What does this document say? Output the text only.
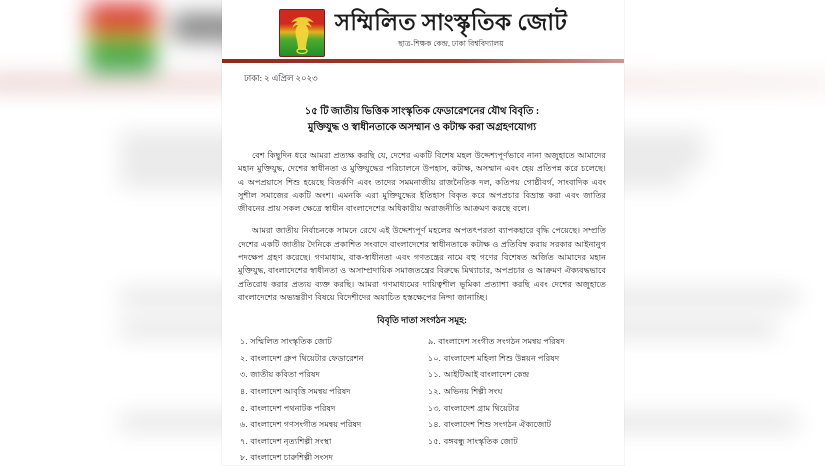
সম্মিলিত সাংস্কৃতিক জোট
ছাত্র-শিক্ষক কেন্দ্র, ঢাকা বিশ্ববিদ্যালয়
ঢাকা: ২ এপ্রিল ২০২৩
১৫ টি জাতীয় ভিত্তিক সাংস্কৃতিক ফেডারেশনের যৌথ বিবৃতি :
মুক্তিযুদ্ধ ও স্বাধীনতাকে অসম্মান ও কটাক্ষ করা অগ্রহণযোগ্য

বেশ কিছুদিন ধরে আমরা প্রত্যক্ষ করছি যে, দেশের একটি বিশেষ মহল উদ্দেশ্যপূর্ণভাবে নানা অজুহাতে আমাদের মহান মুক্তিযুদ্ধ, দেশের স্বাধীনতা ও মুক্তিযুদ্ধের পরিচালনে উপহাস, কটাক্ষ, অসম্মান এবং হেয় প্রতিপন্ন করে চলেছে। এ অপপ্রয়াসে শিশু হয়েছে বিতর্কণি এবং তাদের সমমনাজীয় রাজনৈতিক দল, কতিপয় গোষ্ঠীবর্গ, সাংবাদিক এবং সুশীল সমাজের একটি অংশ। এমনকি এরা মুক্তিযুদ্ধের ইতিহাস বিকৃত করে অপপ্রচার বিভ্রান্ত করা এবং জাতির জীবনের প্রায় সকল ক্ষেত্রে স্বাধীন বাংলাদেশের অধিকারীয় অরাজনীতি আক্রমণ করছে বলে।

আমরা জাতীয় নির্বাচনকে সামনে রেখে এই উদ্দেশ্যপূর্ণ মহলের অপতৎপরতা ব্যাপকহারে বৃদ্ধি পেয়েছে। সম্প্রতি দেশের একটি জাতীয় দৈনিকে প্রকাশিত সংবাদে বাংলাদেশের স্বাধীনতাকে কটাক্ষ ও প্রতিবিম্ব করায় সরকার আইনানুগ পদক্ষেপ গ্রহণ করেছে। গণমাধ্যম, বাক-স্বাধীনতা এবং গণতন্ত্রের নামে বহু গণের বিশেষত অর্জিত আমাদের মহান মুক্তিযুদ্ধ, বাংলাদেশের স্বাধীনতা ও অসাম্প্রদায়িক সমাজতন্ত্রের বিরুদ্ধে মিথ্যাচার, অপপ্রচার ও আক্রমণ ঐক্যবদ্ধভাবে প্রতিরোধ করার প্রত্যয় ব্যক্ত করছি। আমরা গণমাধ্যমের দায়িত্বশীল ভূমিকা প্রত্যাশা করছি এবং দেশের অজুহাতে বাংলাদেশের অভ্যন্তরীণ বিষয়ে বিদেশীদের অযাচিত হস্তক্ষেপের নিন্দা জানাচ্ছি।

বিবৃতি দাতা সংগঠন সমূহ:
১. সম্মিলিত সাংস্কৃতিক জোট
২. বাংলাদেশ গ্রুপ থিয়েটার ফেডারেশন
৩. জাতীয় কবিতা পরিষদ
৪. বাংলাদেশ আবৃত্তি সমন্বয় পরিষদ
৫. বাংলাদেশ পথনাটক পরিষদ
৬. বাংলাদেশ গণসংগীত সমন্বয় পরিষদ
৭. বাংলাদেশ নৃত্যশিল্পী সংস্থা
৮. বাংলাদেশ চারুশিল্পী সংসদ
৯. বাংলাদেশ সংগীত সংগঠন সমন্বয় পরিষদ
১০. বাংলাদেশ মহিলা শিশু উন্নয়ন পরিষদ
১১. আইটিআই বাংলাদেশ কেন্দ্র
১২. অভিনয় শিল্পী সংঘ
১৩. বাংলাদেশ গ্রাম থিয়েটার
১৪. বাংলাদেশ শিশু সংগঠন ঐক্যজোট
১৫. বঙ্গবন্ধু সাংস্কৃতিক জোট
